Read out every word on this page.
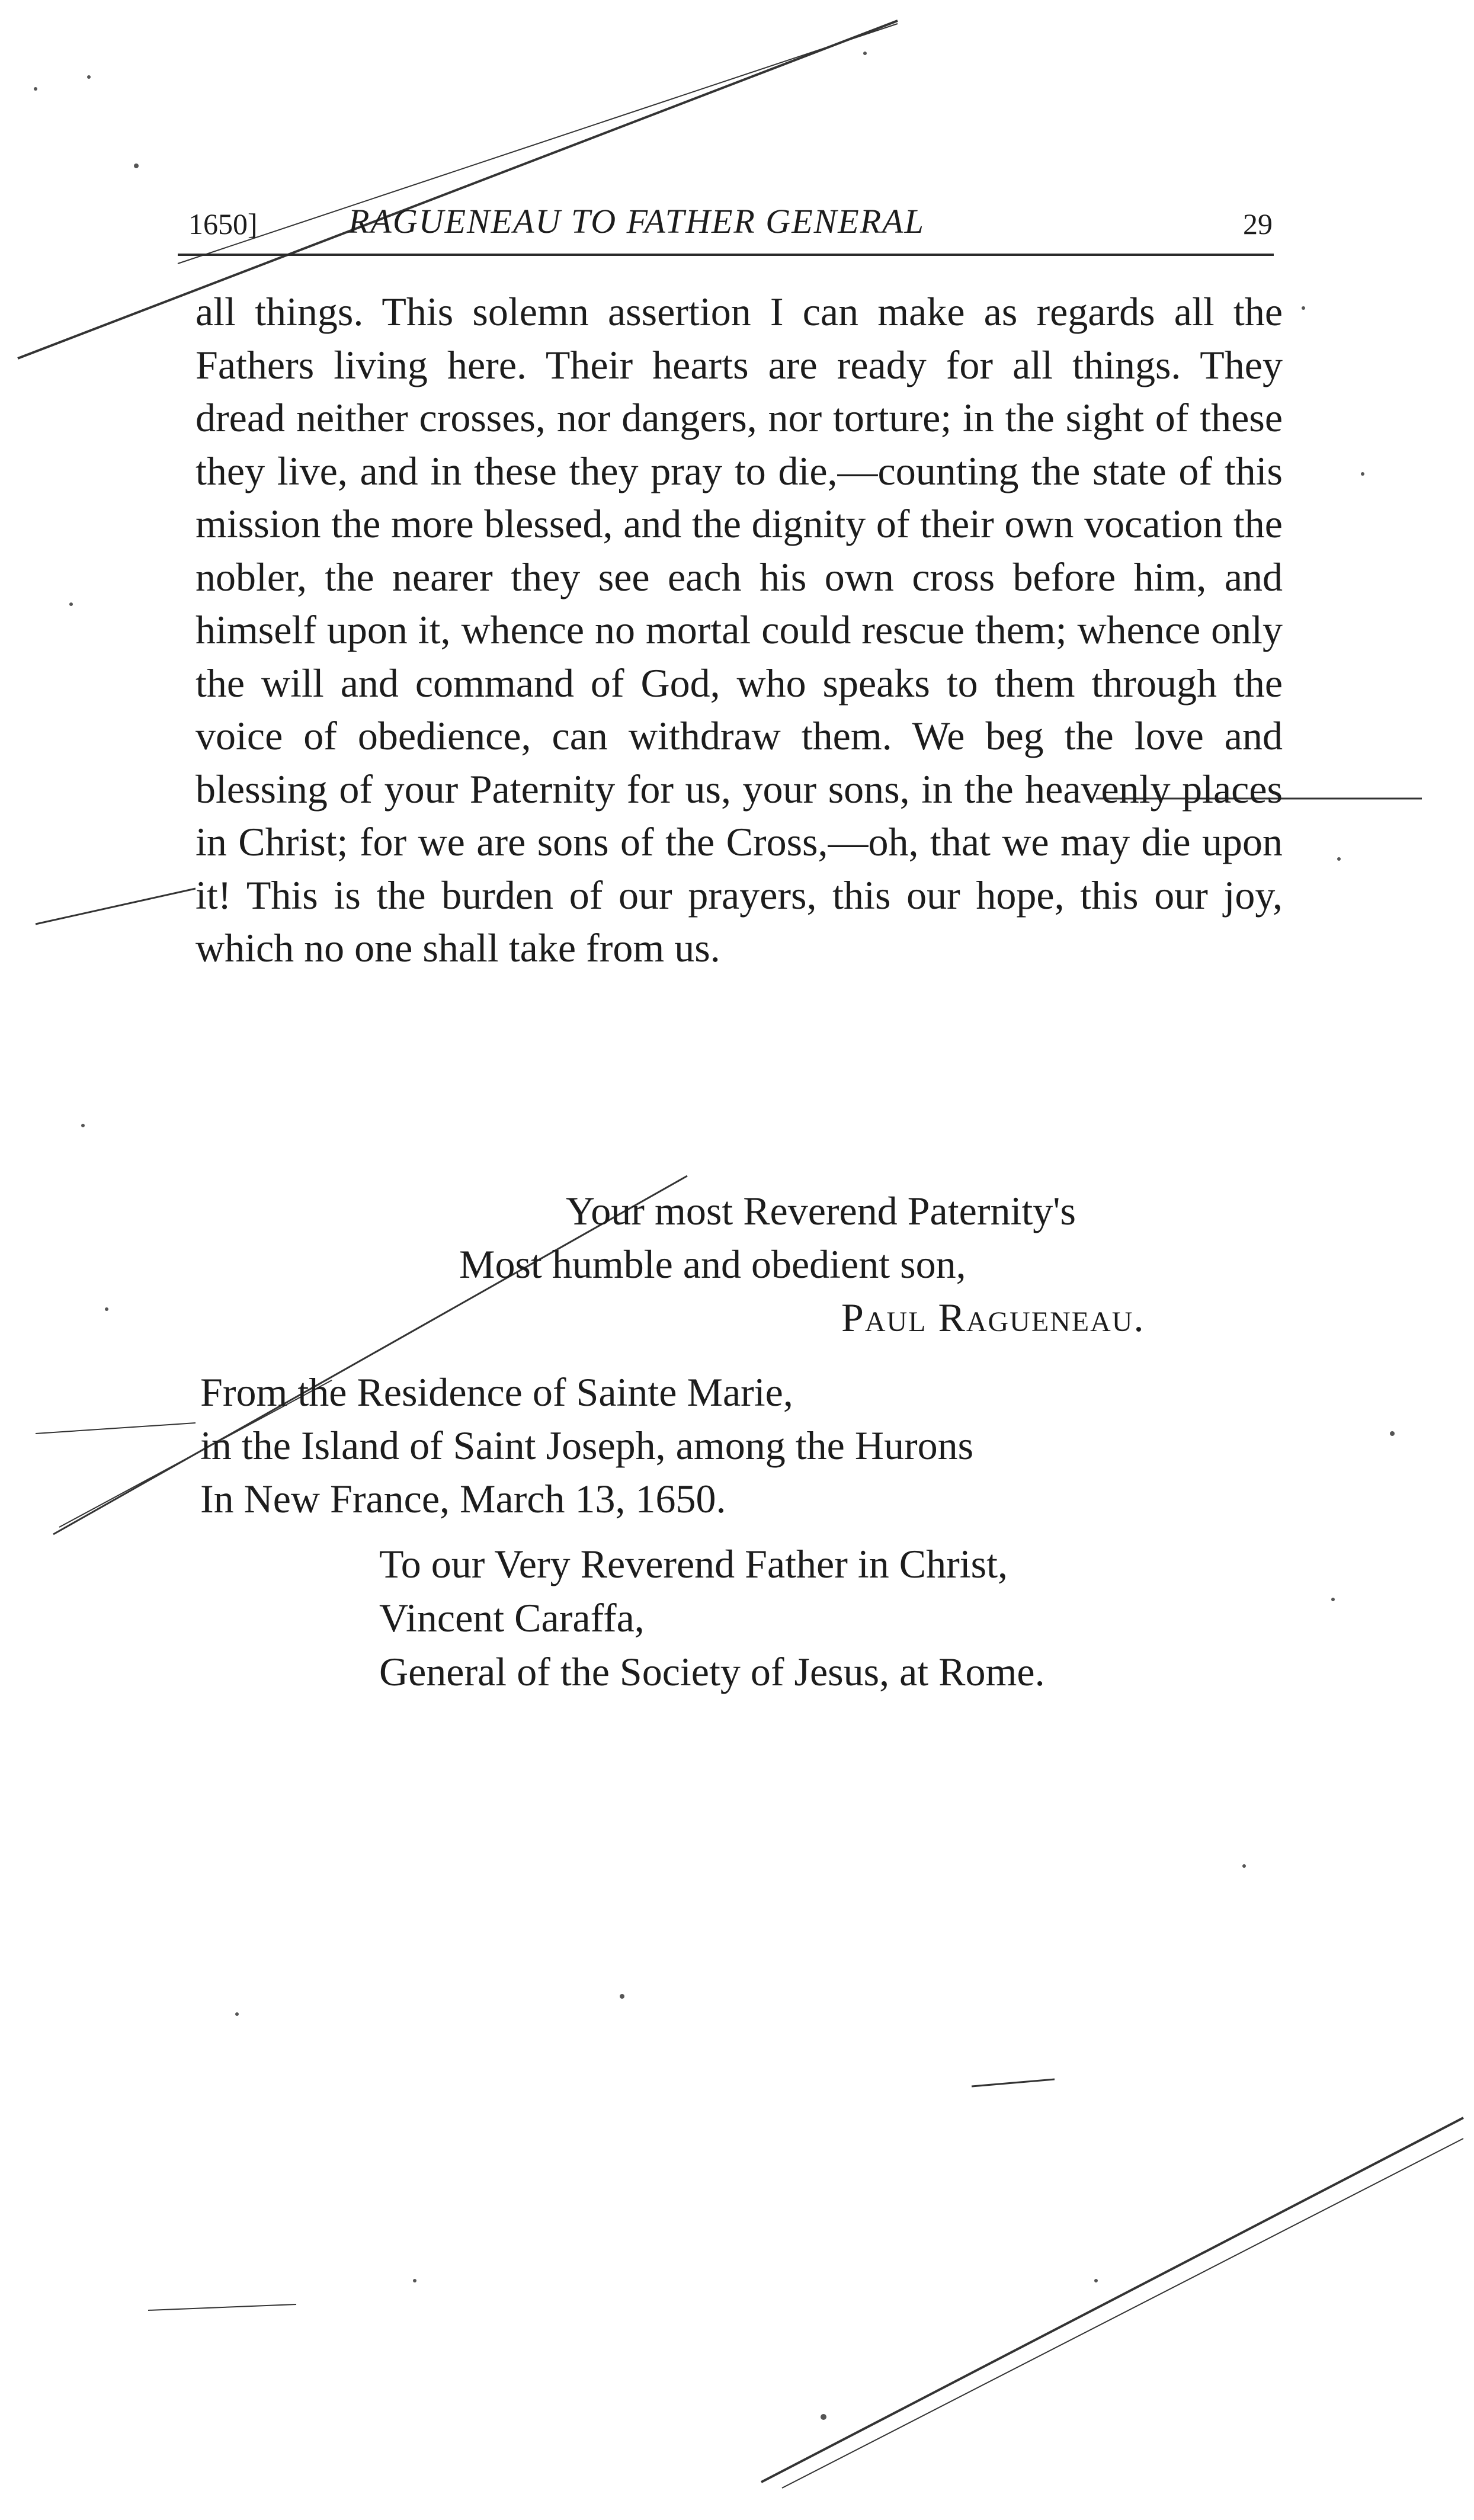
1650]	RAGUENEAU TO FATHER GENERAL	29

all things. This solemn assertion I can make as regards all the Fathers living here. Their hearts are ready for all things. They dread neither crosses, nor dangers, nor torture; in the sight of these they live, and in these they pray to die,—counting the state of this mission the more blessed, and the dignity of their own vocation the nobler, the nearer they see each his own cross before him, and himself upon it, whence no mortal could rescue them; whence only the will and command of God, who speaks to them through the voice of obedience, can withdraw them. We beg the love and blessing of your Paternity for us, your sons, in the heavenly places in Christ; for we are sons of the Cross,—oh, that we may die upon it! This is the burden of our prayers, this our hope, this our joy, which no one shall take from us.

Your most Reverend Paternity's
Most humble and obedient son,
Paul Ragueneau.
From the Residence of Sainte Marie,
in the Island of Saint Joseph, among the Hurons
In New France, March 13, 1650.
To our Very Reverend Father in Christ,
Vincent Caraffa,
General of the Society of Jesus, at Rome.
